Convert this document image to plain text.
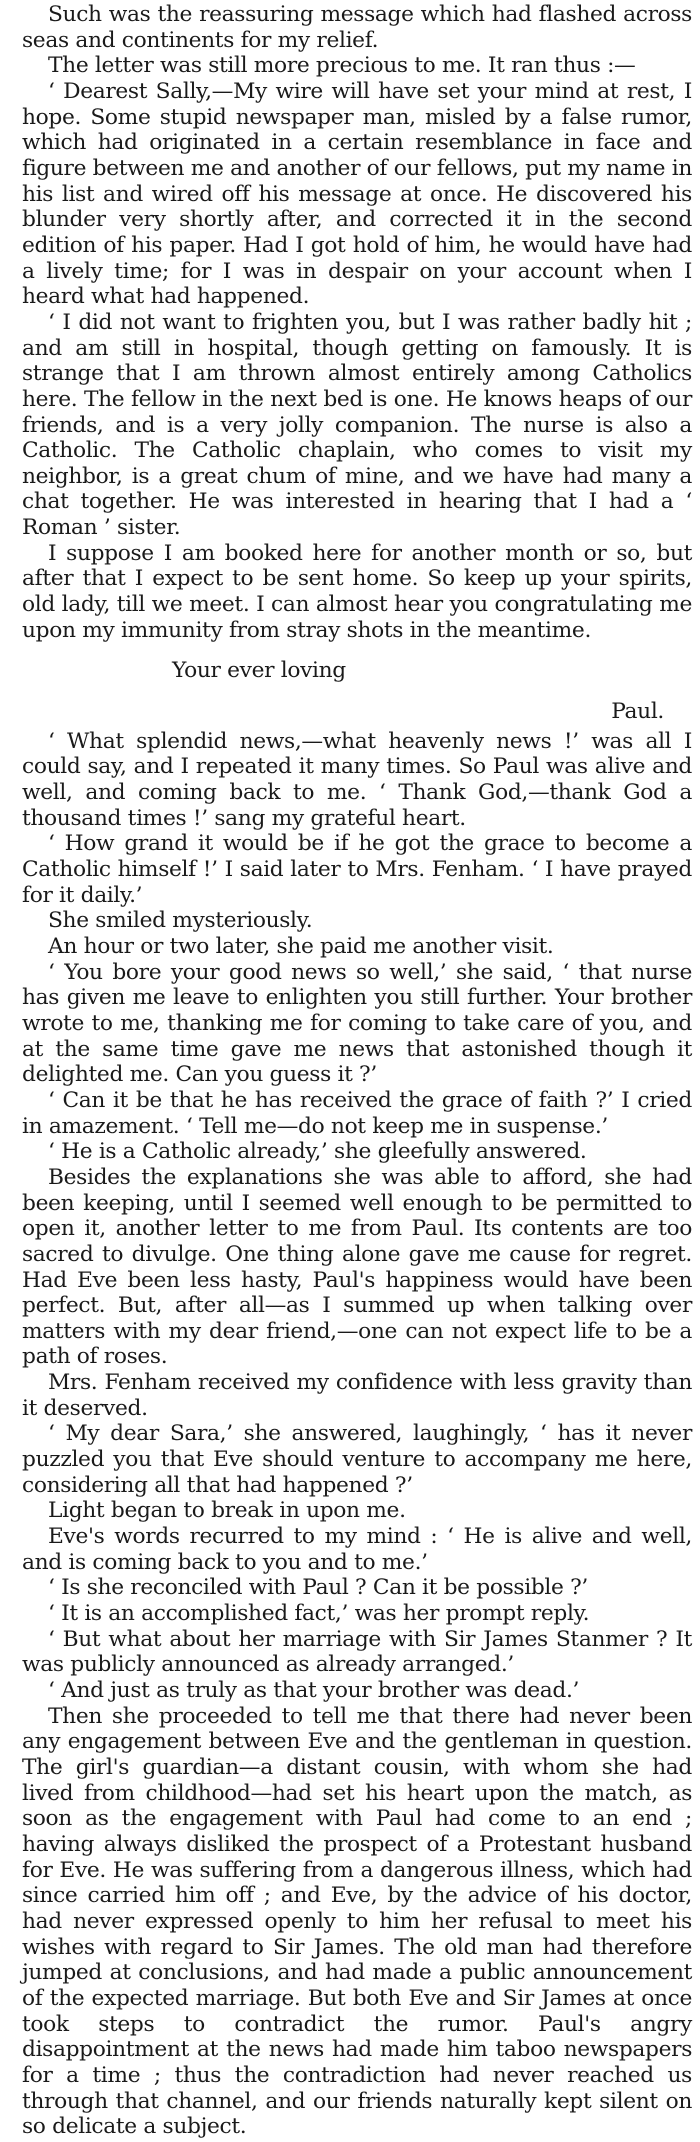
Such was the reassuring message which had flashed across seas and continents for my relief.

The letter was still more precious to me. It ran thus :—

‘ Dearest Sally,—My wire will have set your mind at rest, I hope. Some stupid newspaper man, misled by a false rumor, which had originated in a certain resemblance in face and figure between me and another of our fellows, put my name in his list and wired off his message at once. He discovered his blunder very shortly after, and corrected it in the second edition of his paper. Had I got hold of him, he would have had a lively time; for I was in despair on your account when I heard what had happened.

‘ I did not want to frighten you, but I was rather badly hit ; and am still in hospital, though getting on famously. It is strange that I am thrown almost entirely among Catholics here. The fellow in the next bed is one. He knows heaps of our friends, and is a very jolly companion. The nurse is also a Catholic. The Catholic chaplain, who comes to visit my neighbor, is a great chum of mine, and we have had many a chat together. He was interested in hearing that I had a ‘ Roman ’ sister.

I suppose I am booked here for another month or so, but after that I expect to be sent home. So keep up your spirits, old lady, till we meet. I can almost hear you congratulating me upon my immunity from stray shots in the meantime.

Your ever loving

Paul.

‘ What splendid news,—what heavenly news !’ was all I could say, and I repeated it many times. So Paul was alive and well, and coming back to me. ‘ Thank God,—thank God a thousand times !’ sang my grateful heart.

‘ How grand it would be if he got the grace to become a Catholic himself !’ I said later to Mrs. Fenham. ‘ I have prayed for it daily.’

She smiled mysteriously.

An hour or two later, she paid me another visit.

‘ You bore your good news so well,’ she said, ‘ that nurse has given me leave to enlighten you still further. Your brother wrote to me, thanking me for coming to take care of you, and at the same time gave me news that astonished though it delighted me. Can you guess it ?’

‘ Can it be that he has received the grace of faith ?’ I cried in amazement. ‘ Tell me—do not keep me in suspense.’

‘ He is a Catholic already,’ she gleefully answered.

Besides the explanations she was able to afford, she had been keeping, until I seemed well enough to be permitted to open it, another letter to me from Paul. Its contents are too sacred to divulge. One thing alone gave me cause for regret. Had Eve been less hasty, Paul's happiness would have been perfect. But, after all—as I summed up when talking over matters with my dear friend,—one can not expect life to be a path of roses.

Mrs. Fenham received my confidence with less gravity than it deserved.

‘ My dear Sara,’ she answered, laughingly, ‘ has it never puzzled you that Eve should venture to accompany me here, considering all that had happened ?’

Light began to break in upon me.

Eve's words recurred to my mind : ‘ He is alive and well, and is coming back to you and to me.’

‘ Is she reconciled with Paul ? Can it be possible ?’

‘ It is an accomplished fact,’ was her prompt reply.

‘ But what about her marriage with Sir James Stanmer ? It was publicly announced as already arranged.’

‘ And just as truly as that your brother was dead.’

Then she proceeded to tell me that there had never been any engagement between Eve and the gentleman in question. The girl's guardian—a distant cousin, with whom she had lived from childhood—had set his heart upon the match, as soon as the engagement with Paul had come to an end ; having always disliked the prospect of a Protestant husband for Eve. He was suffering from a dangerous illness, which had since carried him off ; and Eve, by the advice of his doctor, had never expressed openly to him her refusal to meet his wishes with regard to Sir James. The old man had therefore jumped at conclusions, and had made a public announcement of the expected marriage. But both Eve and Sir James at once took steps to contradict the rumor. Paul's angry disappointment at the news had made him taboo newspapers for a time ; thus the contradiction had never reached us through that channel, and our friends naturally kept silent on so delicate a subject.
